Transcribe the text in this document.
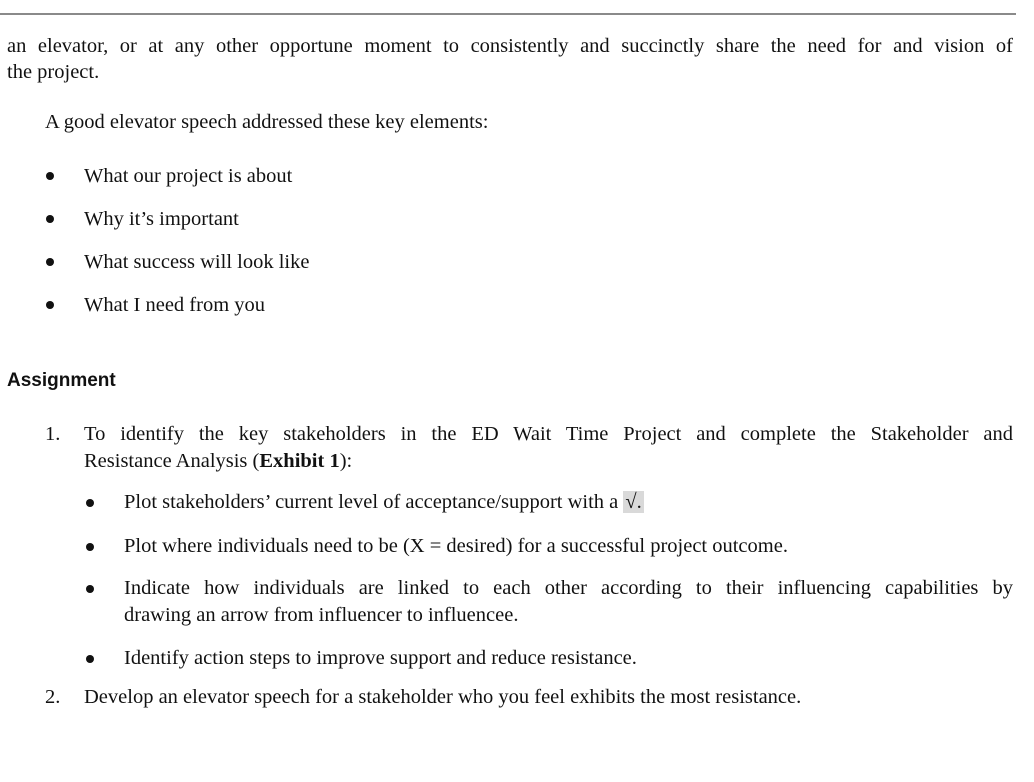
an elevator, or at any other opportune moment to consistently and succinctly share the need for and vision of
the project.

A good elevator speech addressed these key elements:

What our project is about
Why it’s important
What success will look like
What I need from you
Assignment
1. To identify the key stakeholders in the ED Wait Time Project and complete the Stakeholder and
Resistance Analysis (Exhibit 1):
Plot stakeholders’ current level of acceptance/support with a √.
Plot where individuals need to be (X = desired) for a successful project outcome.
Indicate how individuals are linked to each other according to their influencing capabilities by
drawing an arrow from influencer to influencee.
Identify action steps to improve support and reduce resistance.
2. Develop an elevator speech for a stakeholder who you feel exhibits the most resistance.
